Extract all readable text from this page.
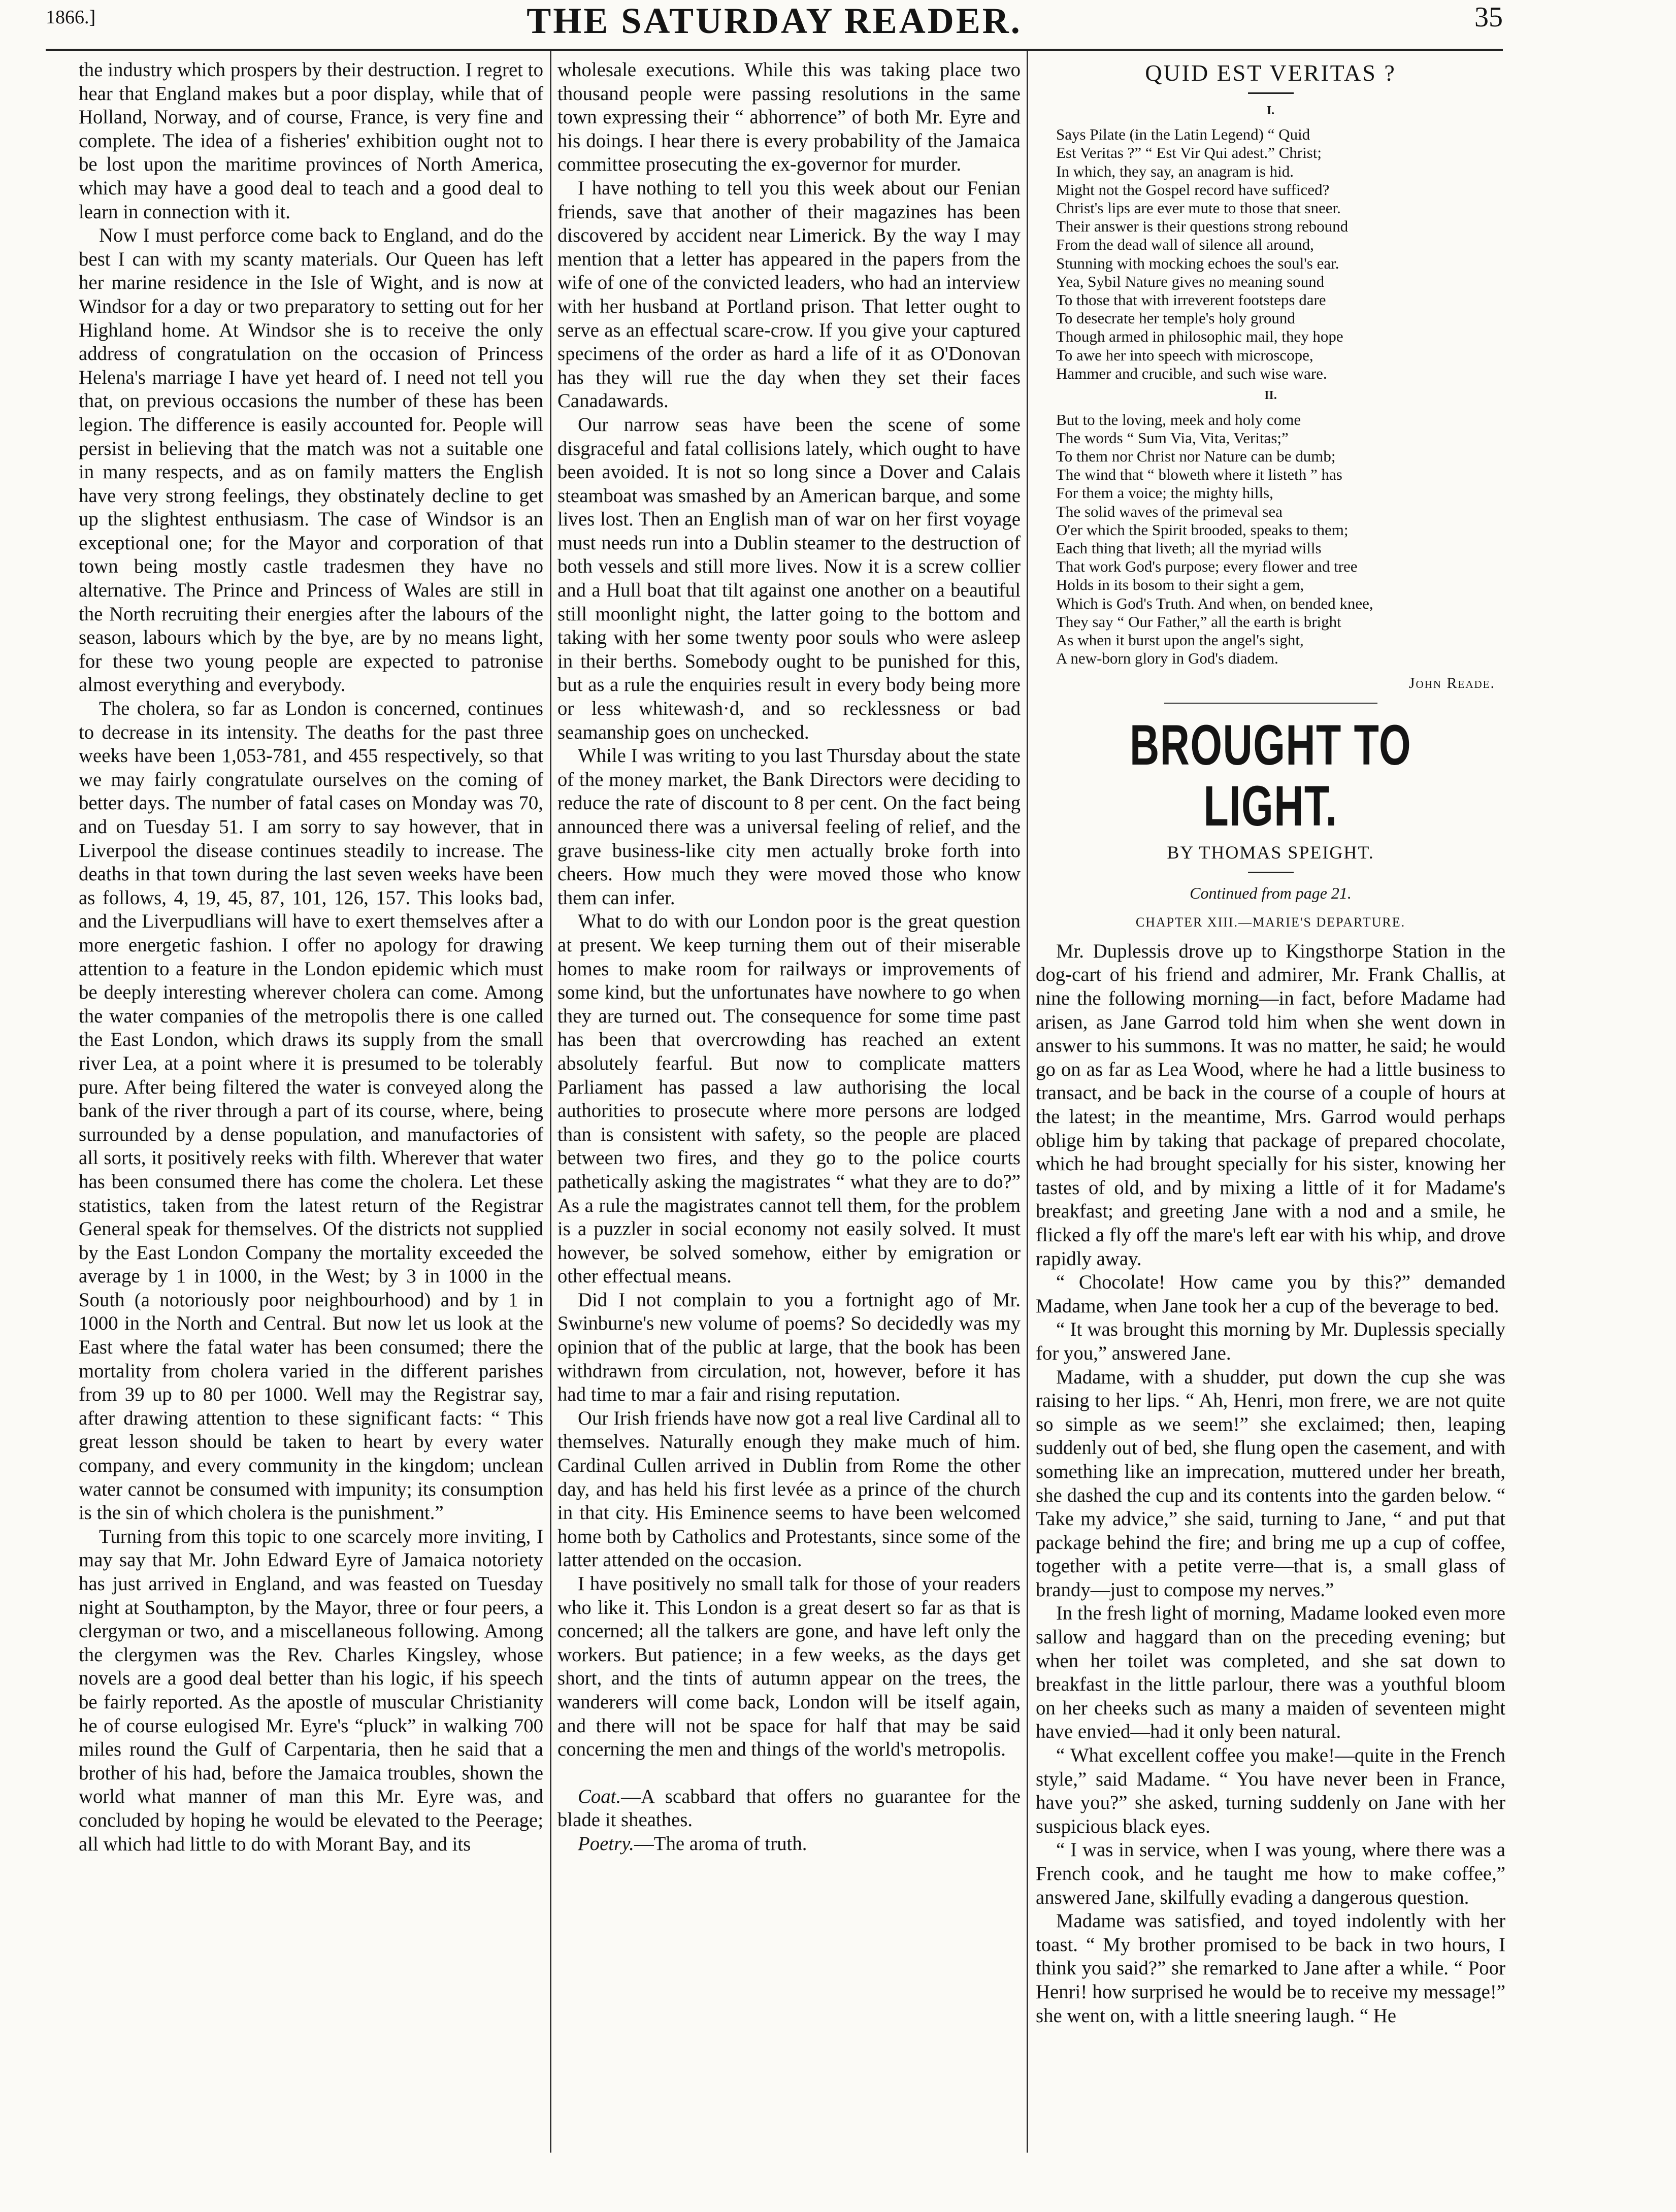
1866.]	THE SATURDAY READER.	35

the industry which prospers by their destruction. I regret to hear that England makes but a poor display, while that of Holland, Norway, and of course, France, is very fine and complete. The idea of a fisheries' exhibition ought not to be lost upon the maritime provinces of North America, which may have a good deal to teach and a good deal to learn in connection with it.

Now I must perforce come back to England, and do the best I can with my scanty materials. Our Queen has left her marine residence in the Isle of Wight, and is now at Windsor for a day or two preparatory to setting out for her Highland home. At Windsor she is to receive the only address of congratulation on the occasion of Princess Helena's marriage I have yet heard of. I need not tell you that, on previous occasions the number of these has been legion. The difference is easily accounted for. People will persist in believing that the match was not a suitable one in many respects, and as on family matters the English have very strong feelings, they obstinately decline to get up the slightest enthusiasm. The case of Windsor is an exceptional one; for the Mayor and corporation of that town being mostly castle tradesmen they have no alternative. The Prince and Princess of Wales are still in the North recruiting their energies after the labours of the season, labours which by the bye, are by no means light, for these two young people are expected to patronise almost everything and everybody.

The cholera, so far as London is concerned, continues to decrease in its intensity. The deaths for the past three weeks have been 1,053-781, and 455 respectively, so that we may fairly congratulate ourselves on the coming of better days. The number of fatal cases on Monday was 70, and on Tuesday 51. I am sorry to say however, that in Liverpool the disease continues steadily to increase. The deaths in that town during the last seven weeks have been as follows, 4, 19, 45, 87, 101, 126, 157. This looks bad, and the Liverpudlians will have to exert themselves after a more energetic fashion. I offer no apology for drawing attention to a feature in the London epidemic which must be deeply interesting wherever cholera can come. Among the water companies of the metropolis there is one called the East London, which draws its supply from the small river Lea, at a point where it is presumed to be tolerably pure. After being filtered the water is conveyed along the bank of the river through a part of its course, where, being surrounded by a dense population, and manufactories of all sorts, it positively reeks with filth. Wherever that water has been consumed there has come the cholera. Let these statistics, taken from the latest return of the Registrar General speak for themselves. Of the districts not supplied by the East London Company the mortality exceeded the average by 1 in 1000, in the West; by 3 in 1000 in the South (a notoriously poor neighbourhood) and by 1 in 1000 in the North and Central. But now let us look at the East where the fatal water has been consumed; there the mortality from cholera varied in the different parishes from 39 up to 80 per 1000. Well may the Registrar say, after drawing attention to these significant facts: “ This great lesson should be taken to heart by every water company, and every community in the kingdom; unclean water cannot be consumed with impunity; its consumption is the sin of which cholera is the punishment.”

Turning from this topic to one scarcely more inviting, I may say that Mr. John Edward Eyre of Jamaica notoriety has just arrived in England, and was feasted on Tuesday night at Southampton, by the Mayor, three or four peers, a clergyman or two, and a miscellaneous following. Among the clergymen was the Rev. Charles Kingsley, whose novels are a good deal better than his logic, if his speech be fairly reported. As the apostle of muscular Christianity he of course eulogised Mr. Eyre's “pluck” in walking 700 miles round the Gulf of Carpentaria, then he said that a brother of his had, before the Jamaica troubles, shown the world what manner of man this Mr. Eyre was, and concluded by hoping he would be elevated to the Peerage; all which had little to do with Morant Bay, and its

wholesale executions. While this was taking place two thousand people were passing resolutions in the same town expressing their “ abhorrence” of both Mr. Eyre and his doings. I hear there is every probability of the Jamaica committee prosecuting the ex-governor for murder.

I have nothing to tell you this week about our Fenian friends, save that another of their magazines has been discovered by accident near Limerick. By the way I may mention that a letter has appeared in the papers from the wife of one of the convicted leaders, who had an interview with her husband at Portland prison. That letter ought to serve as an effectual scare-crow. If you give your captured specimens of the order as hard a life of it as O'Donovan has they will rue the day when they set their faces Canadawards.

Our narrow seas have been the scene of some disgraceful and fatal collisions lately, which ought to have been avoided. It is not so long since a Dover and Calais steamboat was smashed by an American barque, and some lives lost. Then an English man of war on her first voyage must needs run into a Dublin steamer to the destruction of both vessels and still more lives. Now it is a screw collier and a Hull boat that tilt against one another on a beautiful still moonlight night, the latter going to the bottom and taking with her some twenty poor souls who were asleep in their berths. Somebody ought to be punished for this, but as a rule the enquiries result in every body being more or less whitewash·d, and so recklessness or bad seamanship goes on unchecked.

While I was writing to you last Thursday about the state of the money market, the Bank Directors were deciding to reduce the rate of discount to 8 per cent. On the fact being announced there was a universal feeling of relief, and the grave business-like city men actually broke forth into cheers. How much they were moved those who know them can infer.

What to do with our London poor is the great question at present. We keep turning them out of their miserable homes to make room for railways or improvements of some kind, but the unfortunates have nowhere to go when they are turned out. The consequence for some time past has been that overcrowding has reached an extent absolutely fearful. But now to complicate matters Parliament has passed a law authorising the local authorities to prosecute where more persons are lodged than is consistent with safety, so the people are placed between two fires, and they go to the police courts pathetically asking the magistrates “ what they are to do?” As a rule the magistrates cannot tell them, for the problem is a puzzler in social economy not easily solved. It must however, be solved somehow, either by emigration or other effectual means.

Did I not complain to you a fortnight ago of Mr. Swinburne's new volume of poems? So decidedly was my opinion that of the public at large, that the book has been withdrawn from circulation, not, however, before it has had time to mar a fair and rising reputation.

Our Irish friends have now got a real live Cardinal all to themselves. Naturally enough they make much of him. Cardinal Cullen arrived in Dublin from Rome the other day, and has held his first levée as a prince of the church in that city. His Eminence seems to have been welcomed home both by Catholics and Protestants, since some of the latter attended on the occasion.

I have positively no small talk for those of your readers who like it. This London is a great desert so far as that is concerned; all the talkers are gone, and have left only the workers. But patience; in a few weeks, as the days get short, and the tints of autumn appear on the trees, the wanderers will come back, London will be itself again, and there will not be space for half that may be said concerning the men and things of the world's metropolis.

Coat.—A scabbard that offers no guarantee for the blade it sheathes.

Poetry.—The aroma of truth.

QUID EST VERITAS ?
I.
Says Pilate (in the Latin Legend) “ Quid
Est Veritas ?” “ Est Vir Qui adest.” Christ;
In which, they say, an anagram is hid.
Might not the Gospel record have sufficed?
Christ's lips are ever mute to those that sneer.
Their answer is their questions strong rebound
From the dead wall of silence all around,
Stunning with mocking echoes the soul's ear.
Yea, Sybil Nature gives no meaning sound
To those that with irreverent footsteps dare
To desecrate her temple's holy ground
Though armed in philosophic mail, they hope
To awe her into speech with microscope,
Hammer and crucible, and such wise ware.
II.
But to the loving, meek and holy come
The words “ Sum Via, Vita, Veritas;”
To them nor Christ nor Nature can be dumb;
The wind that “ bloweth where it listeth ” has
For them a voice; the mighty hills,
The solid waves of the primeval sea
O'er which the Spirit brooded, speaks to them;
Each thing that liveth; all the myriad wills
That work God's purpose; every flower and tree
Holds in its bosom to their sight a gem,
Which is God's Truth. And when, on bended knee,
They say “ Our Father,” all the earth is bright
As when it burst upon the angel's sight,
A new-born glory in God's diadem.
John Reade.
BROUGHT TO LIGHT.
BY THOMAS SPEIGHT.
Continued from page 21.
CHAPTER XIII.—MARIE'S DEPARTURE.

Mr. Duplessis drove up to Kingsthorpe Station in the dog-cart of his friend and admirer, Mr. Frank Challis, at nine the following morning—in fact, before Madame had arisen, as Jane Garrod told him when she went down in answer to his summons. It was no matter, he said; he would go on as far as Lea Wood, where he had a little business to transact, and be back in the course of a couple of hours at the latest; in the meantime, Mrs. Garrod would perhaps oblige him by taking that package of prepared chocolate, which he had brought specially for his sister, knowing her tastes of old, and by mixing a little of it for Madame's breakfast; and greeting Jane with a nod and a smile, he flicked a fly off the mare's left ear with his whip, and drove rapidly away.

“ Chocolate! How came you by this?” demanded Madame, when Jane took her a cup of the beverage to bed.

“ It was brought this morning by Mr. Duplessis specially for you,” answered Jane.

Madame, with a shudder, put down the cup she was raising to her lips. “ Ah, Henri, mon frere, we are not quite so simple as we seem!” she exclaimed; then, leaping suddenly out of bed, she flung open the casement, and with something like an imprecation, muttered under her breath, she dashed the cup and its contents into the garden below. “ Take my advice,” she said, turning to Jane, “ and put that package behind the fire; and bring me up a cup of coffee, together with a petite verre—that is, a small glass of brandy—just to compose my nerves.”

In the fresh light of morning, Madame looked even more sallow and haggard than on the preceding evening; but when her toilet was completed, and she sat down to breakfast in the little parlour, there was a youthful bloom on her cheeks such as many a maiden of seventeen might have envied—had it only been natural.

“ What excellent coffee you make!—quite in the French style,” said Madame. “ You have never been in France, have you?” she asked, turning suddenly on Jane with her suspicious black eyes.

“ I was in service, when I was young, where there was a French cook, and he taught me how to make coffee,” answered Jane, skilfully evading a dangerous question.

Madame was satisfied, and toyed indolently with her toast. “ My brother promised to be back in two hours, I think you said?” she remarked to Jane after a while. “ Poor Henri! how surprised he would be to receive my message!” she went on, with a little sneering laugh. “ He
